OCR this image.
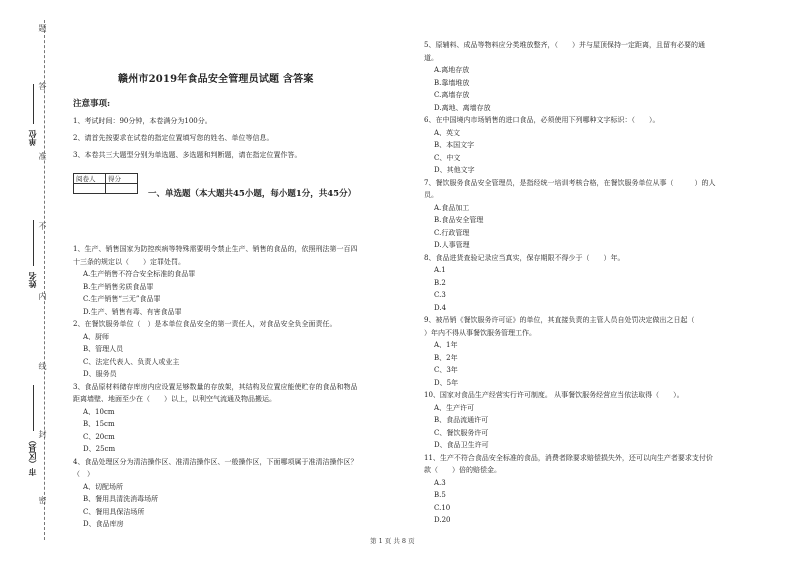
题
答
准
不
内
线
封
密
单位
姓名
市（区县）
赣州市2019年食品安全管理员试题 含答案
注意事项:
1、考试时间：90分钟，本卷满分为100分。
2、请首先按要求在试卷的指定位置填写您的姓名、单位等信息。
3、本卷共三大题型分别为单选题、多选题和判断题，请在指定位置作答。
阅卷人	得分

一、单选题（本大题共45小题，每小题1分，共45分）
1、生产、销售国家为防控疾病等特殊需要明令禁止生产、销售的食品的，依照刑法第一百四
十三条的规定以（　　）定罪处罚。
A.生产销售不符合安全标准的食品罪
B.生产销售劣质食品罪
C.生产销售“三无”食品罪
D.生产、销售有毒、有害食品罪
2、在餐饮服务单位（　）是本单位食品安全的第一责任人，对食品安全负全面责任。
A、厨师
B、管理人员
C、法定代表人、负责人或业主
D、服务员
3、食品原材料储存库房内应设置足够数量的存放架，其结构及位置应能使贮存的食品和物品
距离墙壁、地面至少在（　　）以上，以利空气流通及物品搬运。
A、10cm
B、15cm
C、20cm
D、25cm
4、食品处理区分为清洁操作区、准清洁操作区、一般操作区，下面哪项属于准清洁操作区？
（　）
A、切配场所
B、餐用具清洗消毒场所
C、餐用具保洁场所
D、食品库房
5、原辅料、成品等物料应分类堆放整齐，（　　）并与屋顶保持一定距离，且留有必要的通
道。
A.离地存放
B.靠墙堆放
C.离墙存放
D.离地、离墙存放
6、在中国境内市场销售的进口食品，必须使用下列哪种文字标识：（　　）。
A、英文
B、本国文字
C、中文
D、其他文字
7、餐饮服务食品安全管理员，是指经统一培训考核合格，在餐饮服务单位从事（　　　）的人
员。
A.食品加工
B.食品安全管理
C.行政管理
D.人事管理
8、食品进货查验记录应当真实，保存期限不得少于（　　）年。
A.1
B.2
C.3
D.4
9、被吊销《餐饮服务许可证》的单位，其直接负责的主管人员自处罚决定做出之日起（
）年内不得从事餐饮服务管理工作。
A、1年
B、2年
C、3年
D、5年
10、国家对食品生产经营实行许可制度。 从事餐饮服务经营应当依法取得（　　）。
A、生产许可
B、食品流通许可
C、餐饮服务许可
D、食品卫生许可
11、生产不符合食品安全标准的食品，消费者除要求赔偿损失外，还可以向生产者要求支付价
款（　　）倍的赔偿金。
A.3
B.5
C.10
D.20
第 1 页 共 8 页
